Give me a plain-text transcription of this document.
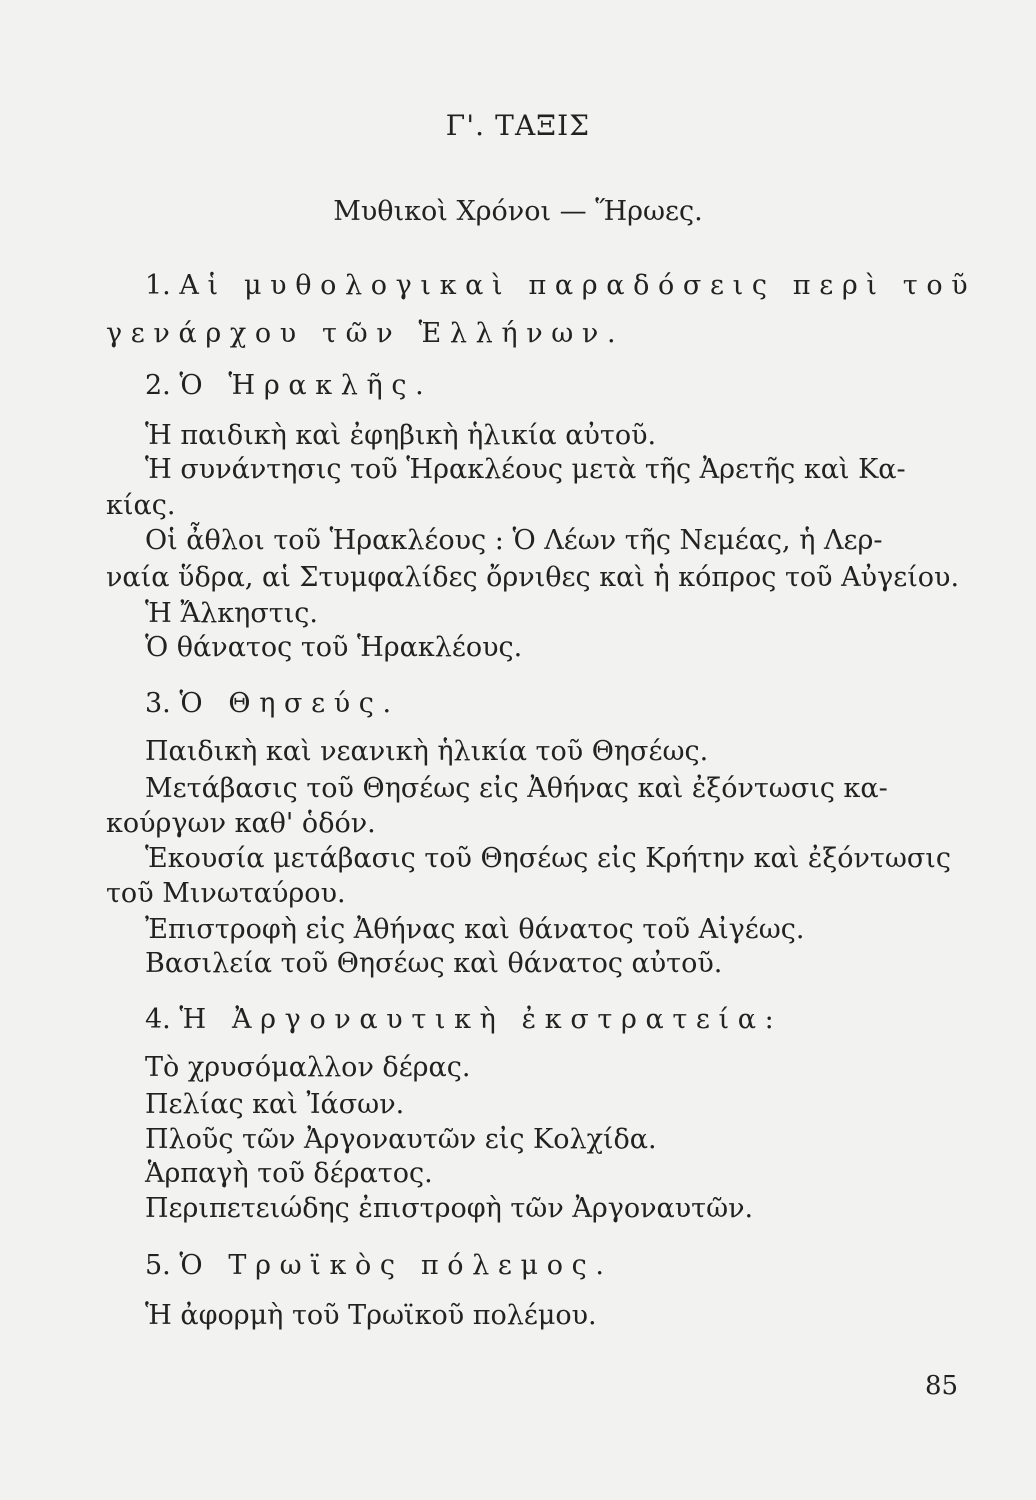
Γ'. ΤΑΞΙΣ
Μυθικοὶ Χρόνοι — Ἥρωες.
1. Αἱ μυθολογικαὶ παραδόσεις περὶ τοῦ
γενάρχου τῶν Ἑλλήνων.
2. Ὁ Ἡρακλῆς.
Ἡ παιδικὴ καὶ ἐφηβικὴ ἡλικία αὐτοῦ.
Ἡ συνάντησις τοῦ Ἡρακλέους μετὰ τῆς Ἀρετῆς καὶ Κα-
κίας.
Οἱ ἆθλοι τοῦ Ἡρακλέους : Ὁ Λέων τῆς Νεμέας, ἡ Λερ-
ναία ὕδρα, αἱ Στυμφαλίδες ὄρνιθες καὶ ἡ κόπρος τοῦ Αὐγείου.
Ἡ Ἄλκηστις.
Ὁ θάνατος τοῦ Ἡρακλέους.
3. Ὁ Θησεύς.
Παιδικὴ καὶ νεανικὴ ἡλικία τοῦ Θησέως.
Μετάβασις τοῦ Θησέως εἰς Ἀθήνας καὶ ἐξόντωσις κα-
κούργων καθ' ὁδόν.
Ἑκουσία μετάβασις τοῦ Θησέως εἰς Κρήτην καὶ ἐξόντωσις
τοῦ Μινωταύρου.
Ἐπιστροφὴ εἰς Ἀθήνας καὶ θάνατος τοῦ Αἰγέως.
Βασιλεία τοῦ Θησέως καὶ θάνατος αὐτοῦ.
4. Ἡ Ἀργοναυτικὴ ἐκστρατεία:
Τὸ χρυσόμαλλον δέρας.
Πελίας καὶ Ἰάσων.
Πλοῦς τῶν Ἀργοναυτῶν εἰς Κολχίδα.
Ἁρπαγὴ τοῦ δέρατος.
Περιπετειώδης ἐπιστροφὴ τῶν Ἀργοναυτῶν.
5. Ὁ Τρωϊκὸς πόλεμος.
Ἡ ἀφορμὴ τοῦ Τρωϊκοῦ πολέμου.
85
